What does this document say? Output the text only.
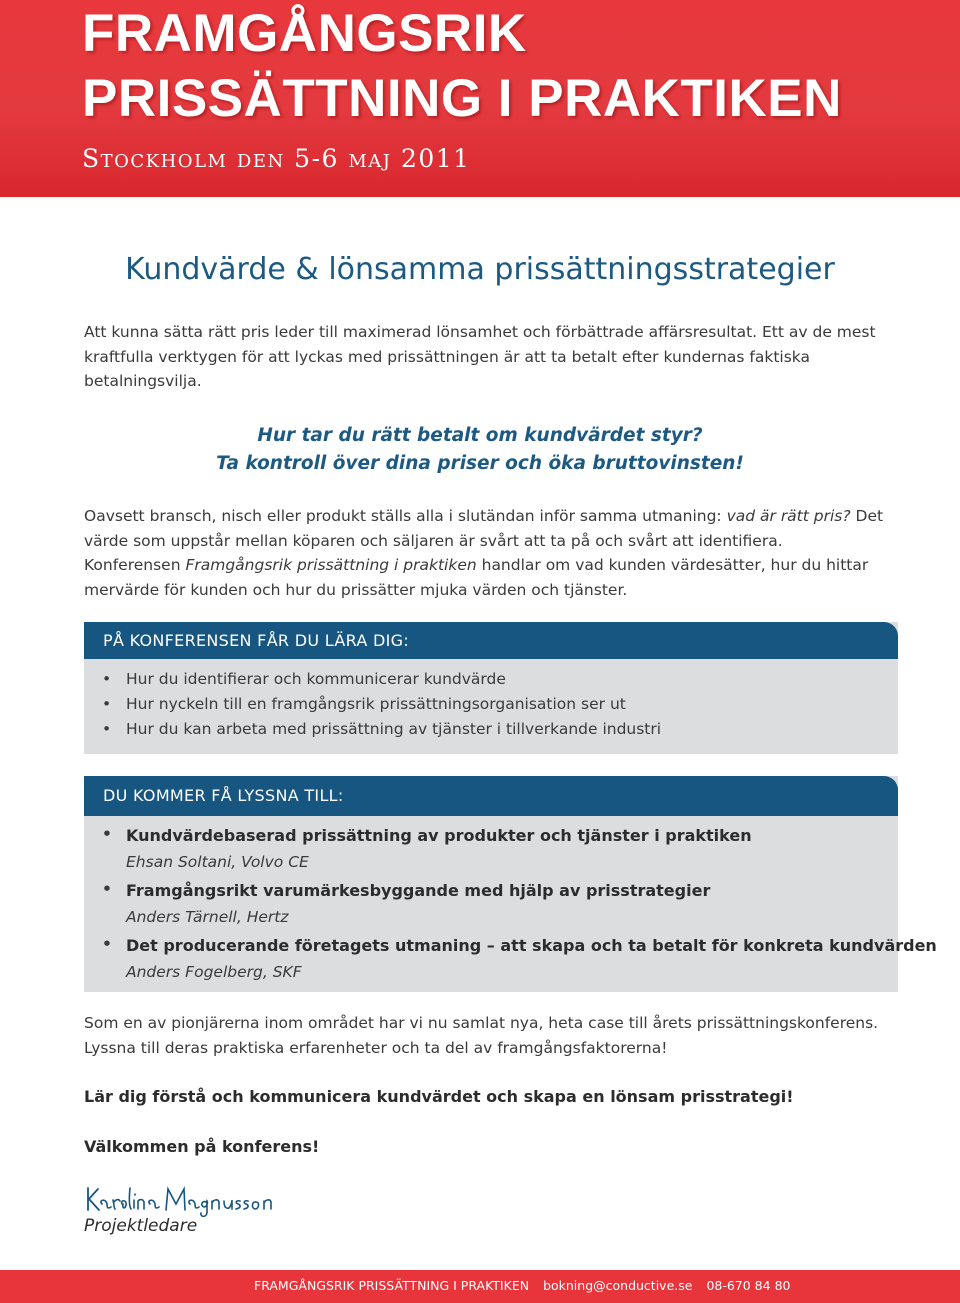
FRAMGÅNGSRIK
PRISSÄTTNING I PRAKTIKEN
Stockholm den 5-6 maj 2011
Kundvärde & lönsamma prissättningsstrategier
Att kunna sätta rätt pris leder till maximerad lönsamhet och förbättrade affärsresultat. Ett av de mest kraftfulla verktygen för att lyckas med prissättningen är att ta betalt efter kundernas faktiska betalningsvilja.
Hur tar du rätt betalt om kundvärdet styr?
Ta kontroll över dina priser och öka bruttovinsten!
Oavsett bransch, nisch eller produkt ställs alla i slutändan inför samma utmaning: vad är rätt pris? Det värde som uppstår mellan köparen och säljaren är svårt att ta på och svårt att identifiera. Konferensen Framgångsrik prissättning i praktiken handlar om vad kunden värdesätter, hur du hittar mervärde för kunden och hur du prissätter mjuka värden och tjänster.
PÅ KONFERENSEN FÅR DU LÄRA DIG:
• Hur du identifierar och kommunicerar kundvärde
• Hur nyckeln till en framgångsrik prissättningsorganisation ser ut
• Hur du kan arbeta med prissättning av tjänster i tillverkande industri
DU KOMMER FÅ LYSSNA TILL:
• Kundvärdebaserad prissättning av produkter och tjänster i praktiken
Ehsan Soltani, Volvo CE
• Framgångsrikt varumärkesbyggande med hjälp av prisstrategier
Anders Tärnell, Hertz
• Det producerande företagets utmaning – att skapa och ta betalt för konkreta kundvärden
Anders Fogelberg, SKF
Som en av pionjärerna inom området har vi nu samlat nya, heta case till årets prissättningskonferens. Lyssna till deras praktiska erfarenheter och ta del av framgångsfaktorerna!
Lär dig förstå och kommunicera kundvärdet och skapa en lönsam prisstrategi!
Välkommen på konferens!
Projektledare
FRAMGÅNGSRIK PRISSÄTTNING I PRAKTIKEN bokning@conductive.se 08-670 84 80
